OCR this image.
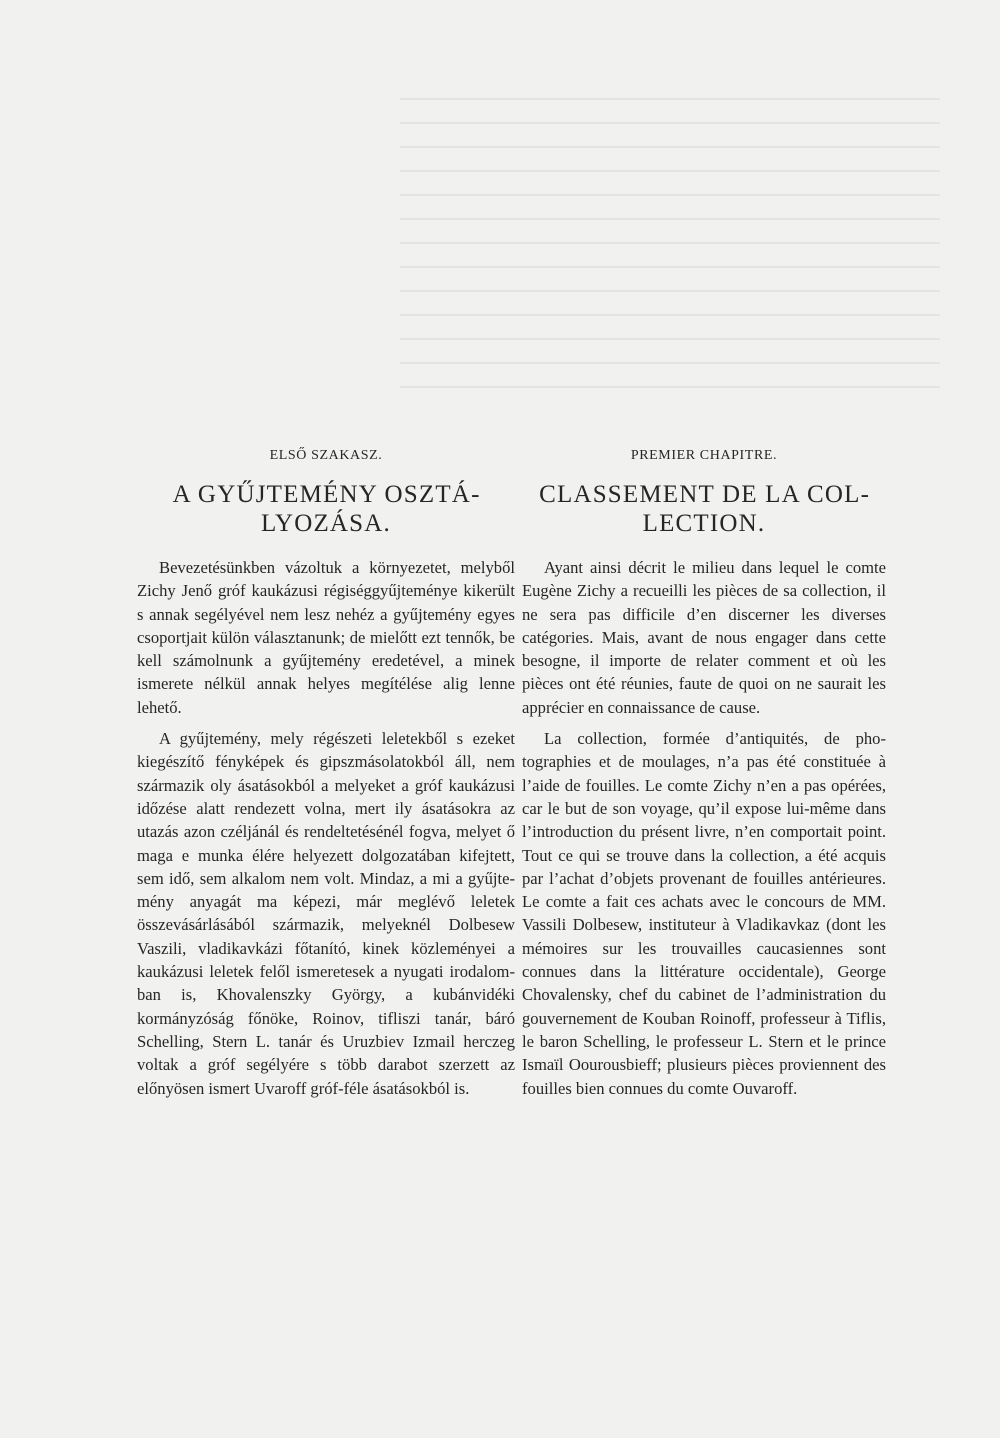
ELSŐ SZAKASZ.
A GYŰJTEMÉNY OSZTÁLYOZÁSA.

Bevezetésünkben vázoltuk a környezetet, melyből Zichy Jenő gróf kaukázusi régiséggyűjteménye kikerült s annak segélyével nem lesz nehéz a gyűjtemény egyes csoportjait külön választanunk; de mielőtt ezt tennők, be kell számolnunk a gyűjtemény eredetével, a minek ismerete nélkül annak helyes megítélése alig lenne lehető.

A gyűjtemény, mely régészeti leletekből s ezeket kiegészítő fényképek és gipszmásolatokból áll, nem származik oly ásatásokból a melyeket a gróf kaukázusi időzése alatt rendezett volna, mert ily ásatásokra az utazás azon czéljánál és rendeltetésénél fogva, melyet ő maga e munka élére helyezett dolgozatában kifejtett, sem idő, sem alkalom nem volt. Mindaz, a mi a gyűjtemény anyagát ma képezi, már meglévő leletek összevásárlásából származik, melyeknél Dolbesew Vaszili, vladikavkázi főtanító, kinek közleményei a kaukázusi leletek felől ismeretesek a nyugati irodalomban is, Khovalenszky György, a kubánvidéki kormányzóság főnöke, Roinov, tifliszi tanár, báró Schelling, Stern L. tanár és Uruzbiev Izmail herczeg voltak a gróf segélyére s több darabot szerzett az előnyösen ismert Uvaroff gróf-féle ásatásokból is.

PREMIER CHAPITRE.
CLASSEMENT DE LA COLLECTION.

Ayant ainsi décrit le milieu dans lequel le comte Eugène Zichy a recueilli les pièces de sa collection, il ne sera pas difficile d’en discerner les diverses catégories. Mais, avant de nous engager dans cette besogne, il importe de relater comment et où les pièces ont été réunies, faute de quoi on ne saurait les apprécier en connaissance de cause.

La collection, formée d’antiquités, de photographies et de moulages, n’a pas été constituée à l’aide de fouilles. Le comte Zichy n’en a pas opérées, car le but de son voyage, qu’il expose lui-même dans l’introduction du présent livre, n’en comportait point. Tout ce qui se trouve dans la collection, a été acquis par l’achat d’objets provenant de fouilles antérieures. Le comte a fait ces achats avec le concours de MM. Vassili Dolbesew, instituteur à Vladikavkaz (dont les mémoires sur les trouvailles caucasiennes sont connues dans la littérature occidentale), George Chovalensky, chef du cabinet de l’administration du gouvernement de Kouban Roinoff, professeur à Tiflis, le baron Schelling, le professeur L. Stern et le prince Ismaïl Oourousbieff; plusieurs pièces proviennent des fouilles bien connues du comte Ouvaroff.
